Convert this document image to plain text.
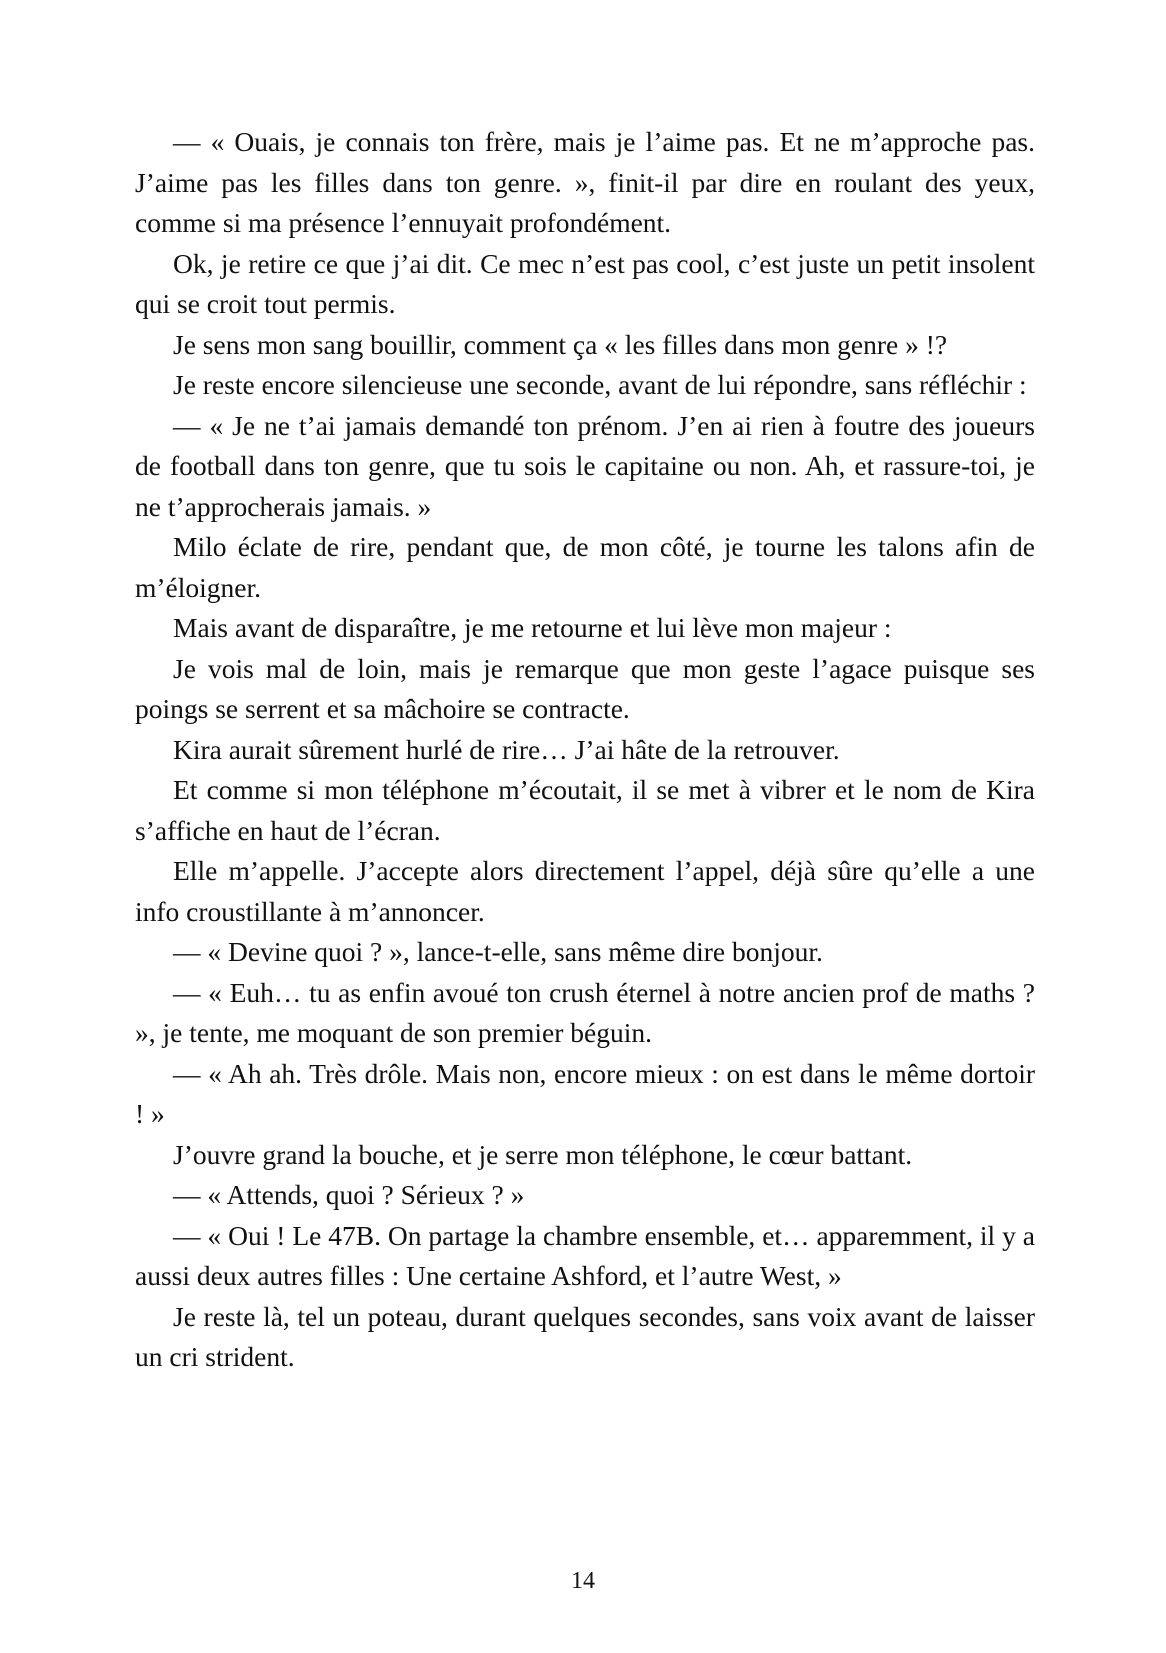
— « Ouais, je connais ton frère, mais je l’aime pas. Et ne m’approche pas. J’aime pas les filles dans ton genre. », finit-il par dire en roulant des yeux, comme si ma présence l’ennuyait profondément.

Ok, je retire ce que j’ai dit. Ce mec n’est pas cool, c’est juste un petit insolent qui se croit tout permis.

Je sens mon sang bouillir, comment ça « les filles dans mon genre » !?

Je reste encore silencieuse une seconde, avant de lui répondre, sans réfléchir :

— « Je ne t’ai jamais demandé ton prénom. J’en ai rien à foutre des joueurs de football dans ton genre, que tu sois le capitaine ou non. Ah, et rassure-toi, je ne t’approcherais jamais. »

Milo éclate de rire, pendant que, de mon côté, je tourne les talons afin de m’éloigner.

Mais avant de disparaître, je me retourne et lui lève mon majeur :

Je vois mal de loin, mais je remarque que mon geste l’agace puisque ses poings se serrent et sa mâchoire se contracte.

Kira aurait sûrement hurlé de rire… J’ai hâte de la retrouver.

Et comme si mon téléphone m’écoutait, il se met à vibrer et le nom de Kira s’affiche en haut de l’écran.

Elle m’appelle. J’accepte alors directement l’appel, déjà sûre qu’elle a une info croustillante à m’annoncer.

— « Devine quoi ? », lance-t-elle, sans même dire bonjour.

— « Euh… tu as enfin avoué ton crush éternel à notre ancien prof de maths ? », je tente, me moquant de son premier béguin.

— « Ah ah. Très drôle. Mais non, encore mieux : on est dans le même dortoir ! »

J’ouvre grand la bouche, et je serre mon téléphone, le cœur battant.

— « Attends, quoi ? Sérieux ? »

— « Oui ! Le 47B. On partage la chambre ensemble, et… apparemment, il y a aussi deux autres filles : Une certaine Ashford, et l’autre West, »

Je reste là, tel un poteau, durant quelques secondes, sans voix avant de laisser un cri strident.

14
